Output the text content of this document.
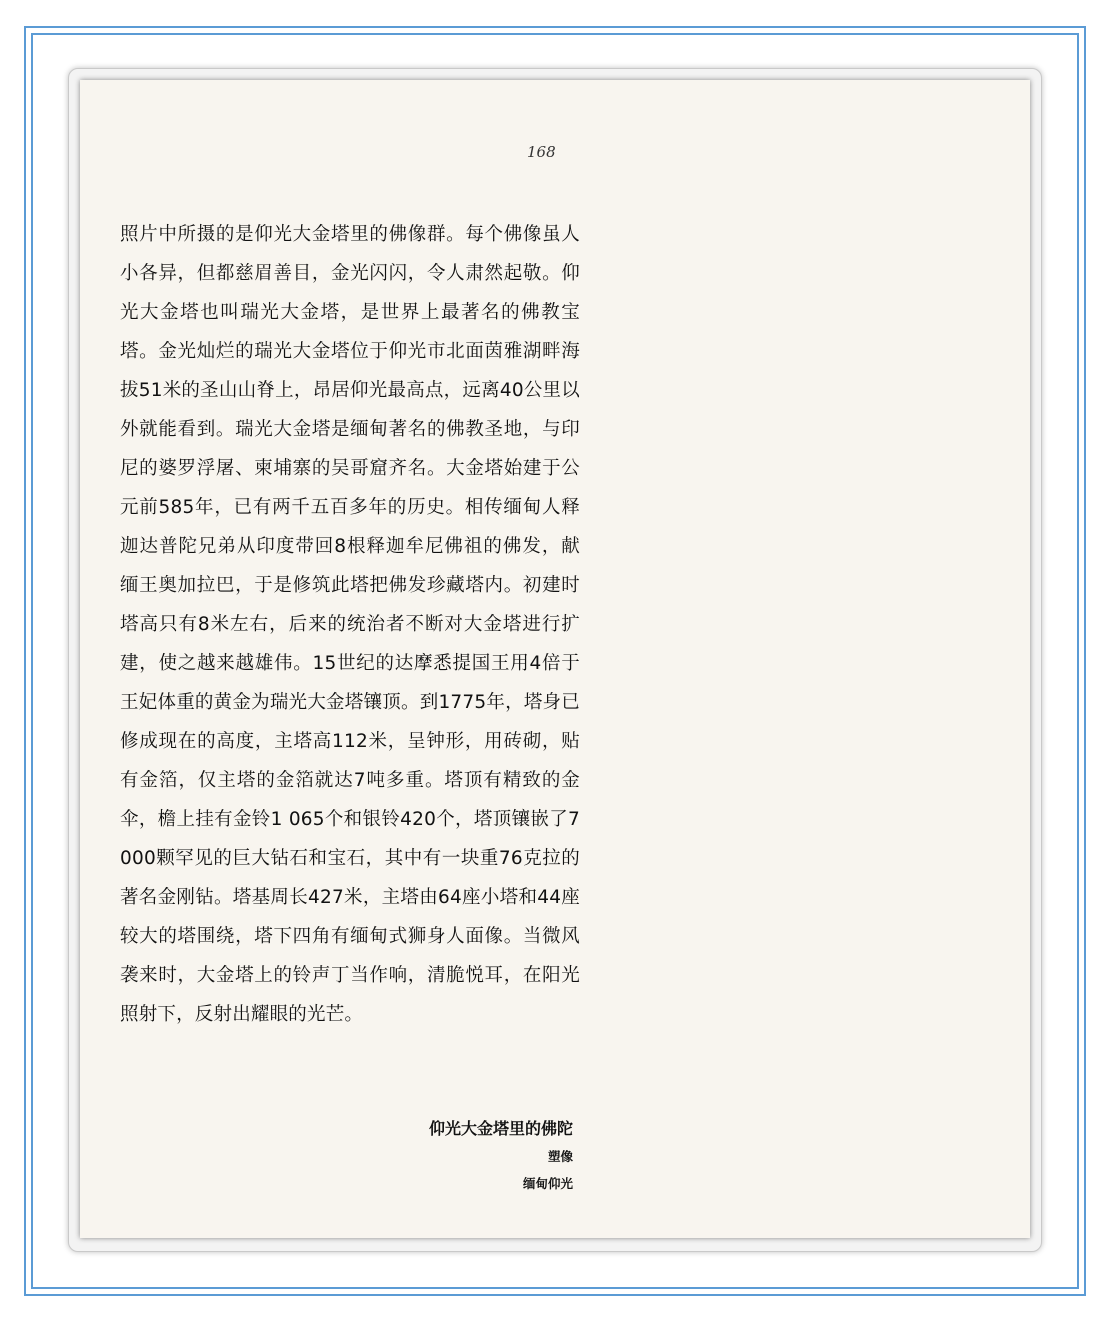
168

照片中所摄的是仰光大金塔里的佛像群。每个佛像虽人小各异，但都慈眉善目，金光闪闪，令人肃然起敬。仰光大金塔也叫瑞光大金塔，是世界上最著名的佛教宝塔。金光灿烂的瑞光大金塔位于仰光市北面茵雅湖畔海拔51米的圣山山脊上，昂居仰光最高点，远离40公里以外就能看到。瑞光大金塔是缅甸著名的佛教圣地，与印尼的婆罗浮屠、柬埔寨的吴哥窟齐名。大金塔始建于公元前585年，已有两千五百多年的历史。相传缅甸人释迦达普陀兄弟从印度带回8根释迦牟尼佛祖的佛发，献缅王奥加拉巴，于是修筑此塔把佛发珍藏塔内。初建时塔高只有8米左右，后来的统治者不断对大金塔进行扩建，使之越来越雄伟。15世纪的达摩悉提国王用4倍于王妃体重的黄金为瑞光大金塔镶顶。到1775年，塔身已修成现在的高度，主塔高112米，呈钟形，用砖砌，贴有金箔，仅主塔的金箔就达7吨多重。塔顶有精致的金伞，檐上挂有金铃1 065个和银铃420个，塔顶镶嵌了7 000颗罕见的巨大钻石和宝石，其中有一块重76克拉的著名金刚钻。塔基周长427米，主塔由64座小塔和44座较大的塔围绕，塔下四角有缅甸式狮身人面像。当微风袭来时，大金塔上的铃声丁当作响，清脆悦耳，在阳光照射下，反射出耀眼的光芒。

仰光大金塔里的佛陀
塑像
缅甸仰光
